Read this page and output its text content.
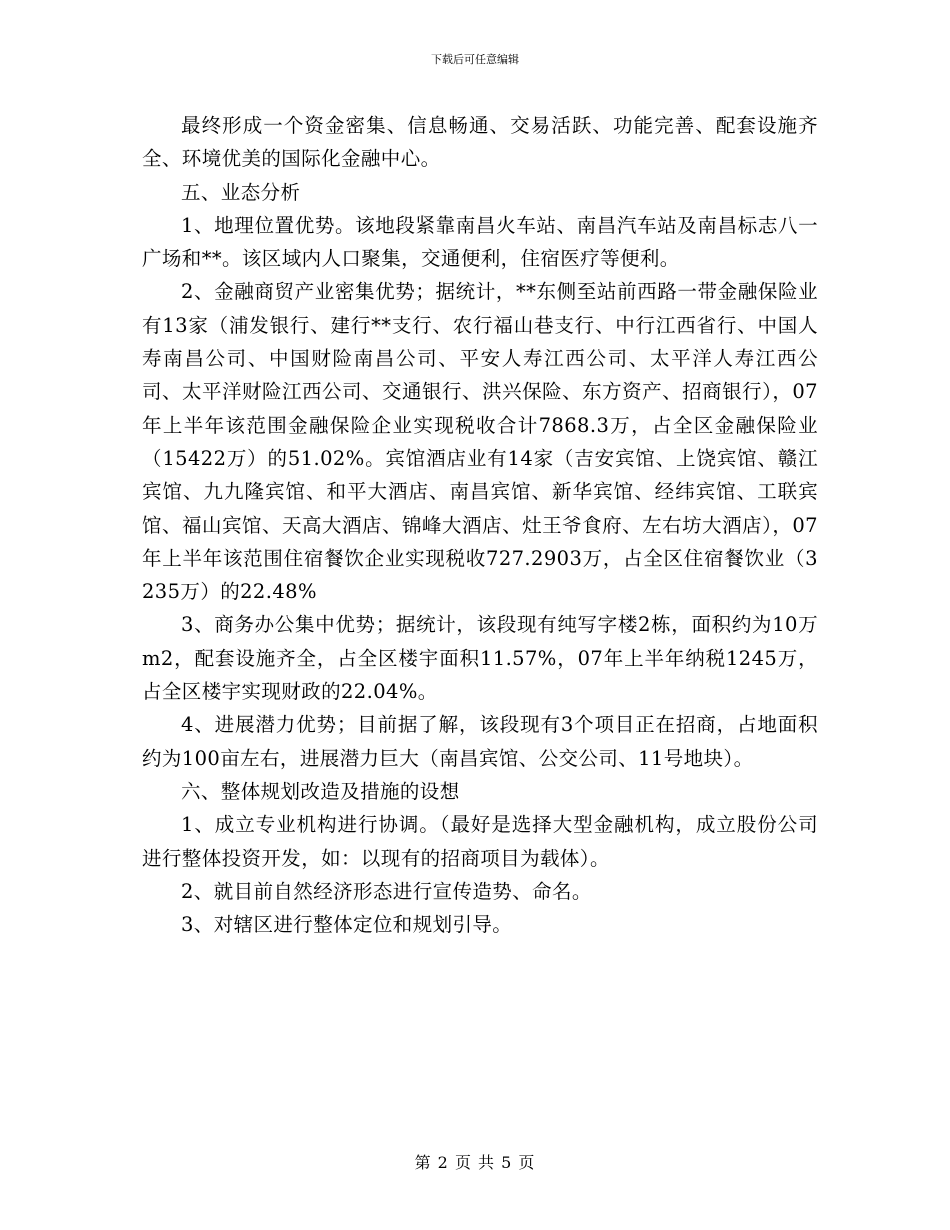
下载后可任意编辑

最终形成一个资金密集、信息畅通、交易活跃、功能完善、配套设施齐全、环境优美的国际化金融中心。

五、业态分析

1、地理位置优势。该地段紧靠南昌火车站、南昌汽车站及南昌标志八一广场和**。该区域内人口聚集，交通便利，住宿医疗等便利。

2、金融商贸产业密集优势；据统计，**东侧至站前西路一带金融保险业有13家（浦发银行、建行**支行、农行福山巷支行、中行江西省行、中国人寿南昌公司、中国财险南昌公司、平安人寿江西公司、太平洋人寿江西公司、太平洋财险江西公司、交通银行、洪兴保险、东方资产、招商银行），07年上半年该范围金融保险企业实现税收合计7868.3万，占全区金融保险业（15422万）的51.02%。宾馆酒店业有14家（吉安宾馆、上饶宾馆、赣江宾馆、九九隆宾馆、和平大酒店、南昌宾馆、新华宾馆、经纬宾馆、工联宾馆、福山宾馆、天高大酒店、锦峰大酒店、灶王爷食府、左右坊大酒店），07年上半年该范围住宿餐饮企业实现税收727.2903万，占全区住宿餐饮业（3235万）的22.48%

3、商务办公集中优势；据统计，该段现有纯写字楼2栋，面积约为10万m2，配套设施齐全，占全区楼宇面积11.57%，07年上半年纳税1245万，占全区楼宇实现财政的22.04%。

4、进展潜力优势；目前据了解，该段现有3个项目正在招商，占地面积约为100亩左右，进展潜力巨大（南昌宾馆、公交公司、11号地块）。

六、整体规划改造及措施的设想

1、成立专业机构进行协调。（最好是选择大型金融机构，成立股份公司进行整体投资开发，如：以现有的招商项目为载体）。

2、就目前自然经济形态进行宣传造势、命名。

3、对辖区进行整体定位和规划引导。

第 2 页 共 5 页
